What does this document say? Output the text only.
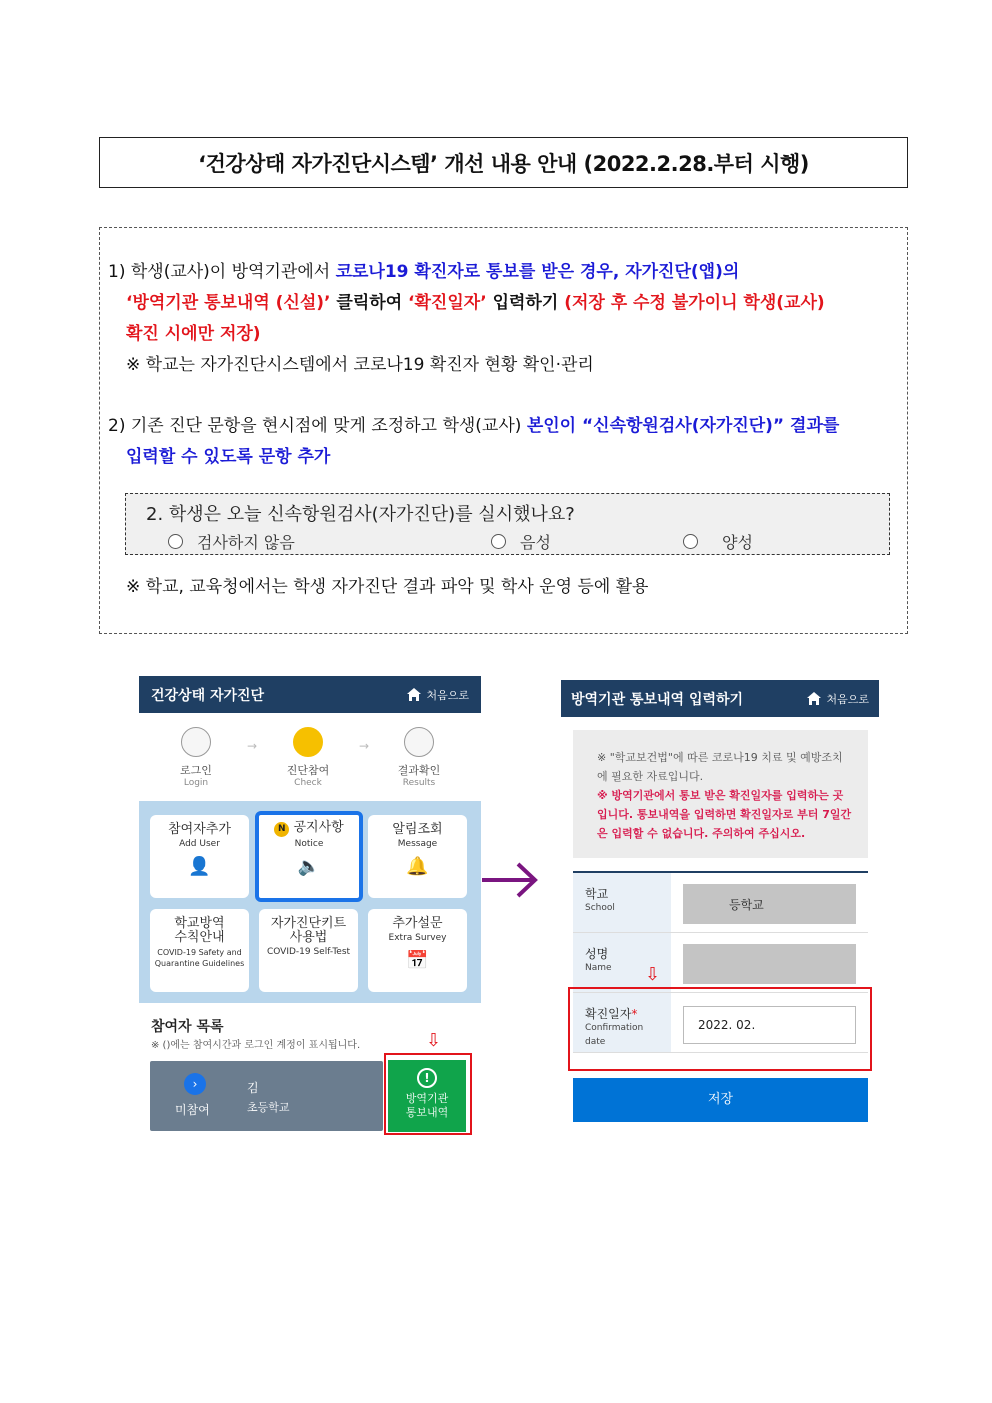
‘건강상태 자가진단시스템’ 개선 내용 안내 (2022.2.28.부터 시행)
1) 학생(교사)이 방역기관에서 코로나19 확진자로 통보를 받은 경우, 자가진단(앱)의
‘방역기관 통보내역 (신설)’ 클릭하여 ‘확진일자’ 입력하기 (저장 후 수정 불가이니 학생(교사)
확진 시에만 저장)
※ 학교는 자가진단시스템에서 코로나19 확진자 현황 확인·관리
2) 기존 진단 문항을 현시점에 맞게 조정하고 학생(교사) 본인이 “신속항원검사(자가진단)” 결과를
입력할 수 있도록 문항 추가
2. 학생은 오늘 신속항원검사(자가진단)를 실시했나요?
검사하지 않음	음성	양성
※ 학교, 교육청에서는 학생 자가진단 결과 파악 및 학사 운영 등에 활용
건강상태 자가진단	처음으로
로그인
Login
→
진단참여
Check
→
결과확인
Results
참여자추가
Add User
👤
N 공지사항
Notice
🔈
알림조회
Message
🔔
학교방역
수칙안내
COVID-19 Safety and Quarantine Guidelines
자가진단키트
사용법
COVID-19 Self-Test
추가설문
Extra Survey
📅
참여자 목록
※ ()에는 참여시간과 로그인 계정이 표시됩니다.
›
미참여
김
초등학교
!
방역기관
통보내역
⇩
방역기관 통보내역 입력하기	처음으로
※ "학교보건법"에 따른 코로나19 치료 및 예방조치
에 필요한 자료입니다.
※ 방역기관에서 통보 받은 확진일자를 입력하는 곳
입니다. 통보내역을 입력하면 확진일자로 부터 7일간
은 입력할 수 없습니다. 주의하여 주십시오.
학교
School	등학교
성명
Name
확진일자*
Confirmation
date
2022. 02.
저장
⇩
